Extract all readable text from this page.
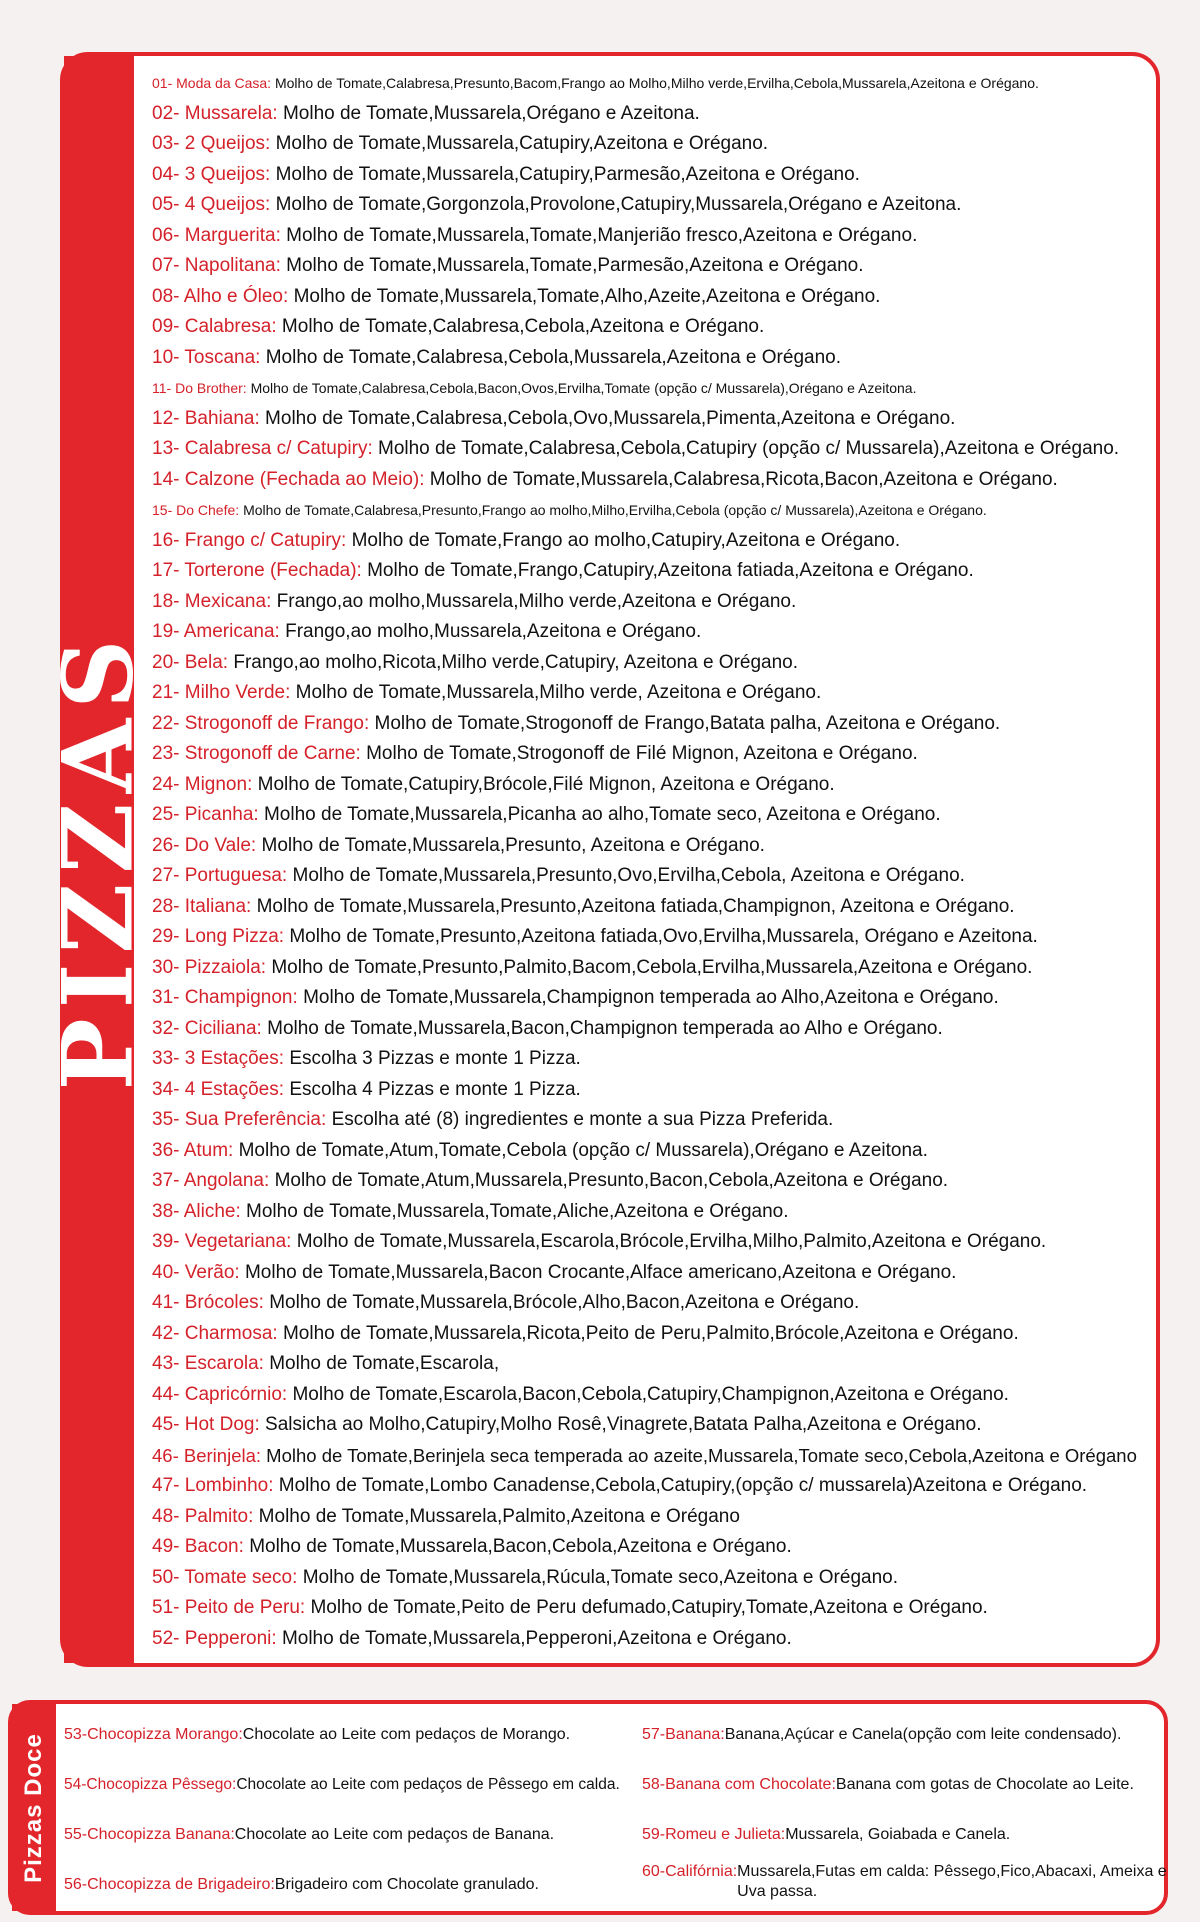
PIZZAS
01- Moda da Casa: Molho de Tomate,Calabresa,Presunto,Bacom,Frango ao Molho,Milho verde,Ervilha,Cebola,Mussarela,Azeitona e Orégano.
02- Mussarela: Molho de Tomate,Mussarela,Orégano e Azeitona.
03- 2 Queijos: Molho de Tomate,Mussarela,Catupiry,Azeitona e Orégano.
04- 3 Queijos: Molho de Tomate,Mussarela,Catupiry,Parmesão,Azeitona e Orégano.
05- 4 Queijos: Molho de Tomate,Gorgonzola,Provolone,Catupiry,Mussarela,Orégano e Azeitona.
06- Marguerita: Molho de Tomate,Mussarela,Tomate,Manjerião fresco,Azeitona e Orégano.
07- Napolitana: Molho de Tomate,Mussarela,Tomate,Parmesão,Azeitona e Orégano.
08- Alho e Óleo: Molho de Tomate,Mussarela,Tomate,Alho,Azeite,Azeitona e Orégano.
09- Calabresa: Molho de Tomate,Calabresa,Cebola,Azeitona e Orégano.
10- Toscana: Molho de Tomate,Calabresa,Cebola,Mussarela,Azeitona e Orégano.
11- Do Brother: Molho de Tomate,Calabresa,Cebola,Bacon,Ovos,Ervilha,Tomate (opção c/ Mussarela),Orégano e Azeitona.
12- Bahiana: Molho de Tomate,Calabresa,Cebola,Ovo,Mussarela,Pimenta,Azeitona e Orégano.
13- Calabresa c/ Catupiry: Molho de Tomate,Calabresa,Cebola,Catupiry (opção c/ Mussarela),Azeitona e Orégano.
14- Calzone (Fechada ao Meio): Molho de Tomate,Mussarela,Calabresa,Ricota,Bacon,Azeitona e Orégano.
15- Do Chefe: Molho de Tomate,Calabresa,Presunto,Frango ao molho,Milho,Ervilha,Cebola (opção c/ Mussarela),Azeitona e Orégano.
16- Frango c/ Catupiry: Molho de Tomate,Frango ao molho,Catupiry,Azeitona e Orégano.
17- Torterone (Fechada): Molho de Tomate,Frango,Catupiry,Azeitona fatiada,Azeitona e Orégano.
18- Mexicana: Frango,ao molho,Mussarela,Milho verde,Azeitona e Orégano.
19- Americana: Frango,ao molho,Mussarela,Azeitona e Orégano.
20- Bela: Frango,ao molho,Ricota,Milho verde,Catupiry, Azeitona e Orégano.
21- Milho Verde: Molho de Tomate,Mussarela,Milho verde, Azeitona e Orégano.
22- Strogonoff de Frango: Molho de Tomate,Strogonoff de Frango,Batata palha, Azeitona e Orégano.
23- Strogonoff de Carne: Molho de Tomate,Strogonoff de Filé Mignon, Azeitona e Orégano.
24- Mignon: Molho de Tomate,Catupiry,Brócole,Filé Mignon, Azeitona e Orégano.
25- Picanha: Molho de Tomate,Mussarela,Picanha ao alho,Tomate seco, Azeitona e Orégano.
26- Do Vale: Molho de Tomate,Mussarela,Presunto, Azeitona e Orégano.
27- Portuguesa: Molho de Tomate,Mussarela,Presunto,Ovo,Ervilha,Cebola, Azeitona e Orégano.
28- Italiana: Molho de Tomate,Mussarela,Presunto,Azeitona fatiada,Champignon, Azeitona e Orégano.
29- Long Pizza: Molho de Tomate,Presunto,Azeitona fatiada,Ovo,Ervilha,Mussarela, Orégano e Azeitona.
30- Pizzaiola: Molho de Tomate,Presunto,Palmito,Bacom,Cebola,Ervilha,Mussarela,Azeitona e Orégano.
31- Champignon: Molho de Tomate,Mussarela,Champignon temperada ao Alho,Azeitona e Orégano.
32- Ciciliana: Molho de Tomate,Mussarela,Bacon,Champignon temperada ao Alho e Orégano.
33- 3 Estações: Escolha 3 Pizzas e monte 1 Pizza.
34- 4 Estações: Escolha 4 Pizzas e monte 1 Pizza.
35- Sua Preferência: Escolha até (8) ingredientes e monte a sua Pizza Preferida.
36- Atum: Molho de Tomate,Atum,Tomate,Cebola (opção c/ Mussarela),Orégano e Azeitona.
37- Angolana: Molho de Tomate,Atum,Mussarela,Presunto,Bacon,Cebola,Azeitona e Orégano.
38- Aliche: Molho de Tomate,Mussarela,Tomate,Aliche,Azeitona e Orégano.
39- Vegetariana: Molho de Tomate,Mussarela,Escarola,Brócole,Ervilha,Milho,Palmito,Azeitona e Orégano.
40- Verão: Molho de Tomate,Mussarela,Bacon Crocante,Alface americano,Azeitona e Orégano.
41- Brócoles: Molho de Tomate,Mussarela,Brócole,Alho,Bacon,Azeitona e Orégano.
42- Charmosa: Molho de Tomate,Mussarela,Ricota,Peito de Peru,Palmito,Brócole,Azeitona e Orégano.
43- Escarola: Molho de Tomate,Escarola,
44- Capricórnio: Molho de Tomate,Escarola,Bacon,Cebola,Catupiry,Champignon,Azeitona e Orégano.
45- Hot Dog: Salsicha ao Molho,Catupiry,Molho Rosê,Vinagrete,Batata Palha,Azeitona e Orégano.
46- Berinjela: Molho de Tomate,Berinjela seca temperada ao azeite,Mussarela,Tomate seco,Cebola,Azeitona e Orégano
47- Lombinho: Molho de Tomate,Lombo Canadense,Cebola,Catupiry,(opção c/ mussarela)Azeitona e Orégano.
48- Palmito: Molho de Tomate,Mussarela,Palmito,Azeitona e Orégano
49- Bacon: Molho de Tomate,Mussarela,Bacon,Cebola,Azeitona e Orégano.
50- Tomate seco: Molho de Tomate,Mussarela,Rúcula,Tomate seco,Azeitona e Orégano.
51- Peito de Peru: Molho de Tomate,Peito de Peru defumado,Catupiry,Tomate,Azeitona e Orégano.
52- Pepperoni: Molho de Tomate,Mussarela,Pepperoni,Azeitona e Orégano.
Pizzas Doce 53- Chocopizza Morango: Chocolate ao Leite com pedaços de Morango.
54- Chocopizza Pêssego: Chocolate ao Leite com pedaços de Pêssego em calda.
55- Chocopizza Banana: Chocolate ao Leite com pedaços de Banana.
56- Chocopizza de Brigadeiro: Brigadeiro com Chocolate granulado.
57- Banana: Banana,Açúcar e Canela(opção com leite condensado).
58- Banana com Chocolate: Banana com gotas de Chocolate ao Leite.
59- Romeu e Julieta: Mussarela, Goiabada e Canela.
60- Califórnia: Mussarela,Futas em calda: Pêssego,Fico,Abacaxi, Ameixa e Uva passa.
